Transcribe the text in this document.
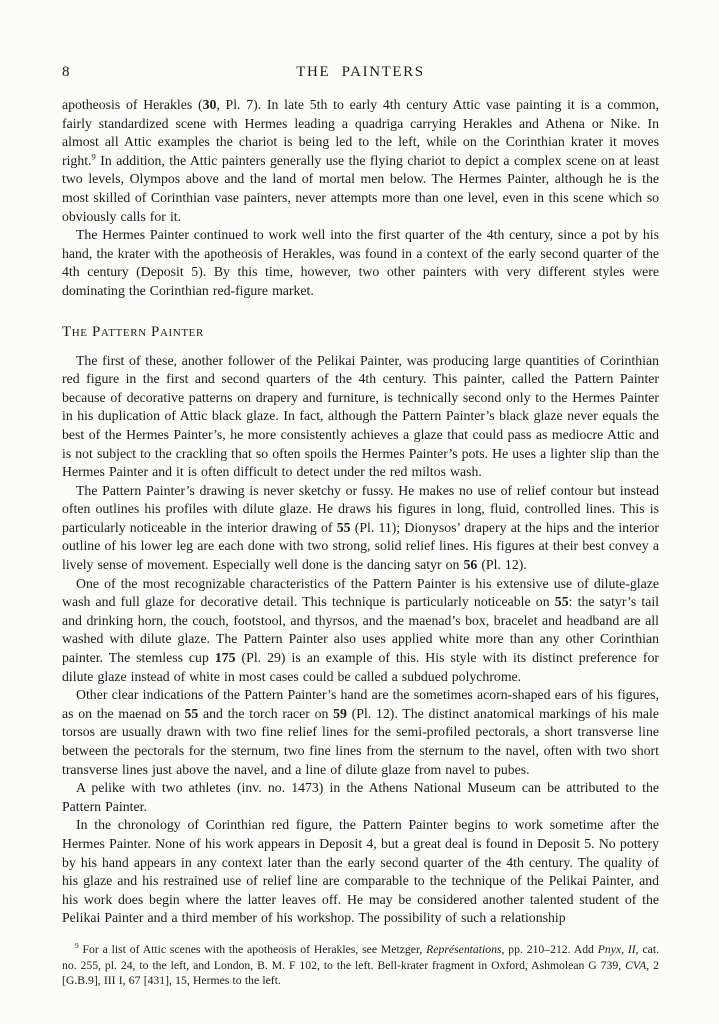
8	THE PAINTERS

apotheosis of Herakles (30, Pl. 7). In late 5th to early 4th century Attic vase painting it is a common, fairly standardized scene with Hermes leading a quadriga carrying Herakles and Athena or Nike. In almost all Attic examples the chariot is being led to the left, while on the Corinthian krater it moves right.$^9$ In addition, the Attic painters generally use the flying chariot to depict a complex scene on at least two levels, Olympos above and the land of mortal men below. The Hermes Painter, although he is the most skilled of Corinthian vase painters, never attempts more than one level, even in this scene which so obviously calls for it.

The Hermes Painter continued to work well into the first quarter of the 4th century, since a pot by his hand, the krater with the apotheosis of Herakles, was found in a context of the early second quarter of the 4th century (Deposit 5). By this time, however, two other painters with very different styles were dominating the Corinthian red-figure market.

The Pattern Painter

The first of these, another follower of the Pelikai Painter, was producing large quantities of Corinthian red figure in the first and second quarters of the 4th century. This painter, called the Pattern Painter because of decorative patterns on drapery and furniture, is technically second only to the Hermes Painter in his duplication of Attic black glaze. In fact, although the Pattern Painter’s black glaze never equals the best of the Hermes Painter’s, he more consistently achieves a glaze that could pass as mediocre Attic and is not subject to the crackling that so often spoils the Hermes Painter’s pots. He uses a lighter slip than the Hermes Painter and it is often difficult to detect under the red miltos wash.

The Pattern Painter’s drawing is never sketchy or fussy. He makes no use of relief contour but instead often outlines his profiles with dilute glaze. He draws his figures in long, fluid, controlled lines. This is particularly noticeable in the interior drawing of 55 (Pl. 11); Dionysos’ drapery at the hips and the interior outline of his lower leg are each done with two strong, solid relief lines. His figures at their best convey a lively sense of movement. Especially well done is the dancing satyr on 56 (Pl. 12).

One of the most recognizable characteristics of the Pattern Painter is his extensive use of dilute-glaze wash and full glaze for decorative detail. This technique is particularly noticeable on 55: the satyr’s tail and drinking horn, the couch, footstool, and thyrsos, and the maenad’s box, bracelet and headband are all washed with dilute glaze. The Pattern Painter also uses applied white more than any other Corinthian painter. The stemless cup 175 (Pl. 29) is an example of this. His style with its distinct preference for dilute glaze instead of white in most cases could be called a subdued polychrome.

Other clear indications of the Pattern Painter’s hand are the sometimes acorn-shaped ears of his figures, as on the maenad on 55 and the torch racer on 59 (Pl. 12). The distinct anatomical markings of his male torsos are usually drawn with two fine relief lines for the semi-profiled pectorals, a short transverse line between the pectorals for the sternum, two fine lines from the sternum to the navel, often with two short transverse lines just above the navel, and a line of dilute glaze from navel to pubes.

A pelike with two athletes (inv. no. 1473) in the Athens National Museum can be attributed to the Pattern Painter.

In the chronology of Corinthian red figure, the Pattern Painter begins to work sometime after the Hermes Painter. None of his work appears in Deposit 4, but a great deal is found in Deposit 5. No pottery by his hand appears in any context later than the early second quarter of the 4th century. The quality of his glaze and his restrained use of relief line are comparable to the technique of the Pelikai Painter, and his work does begin where the latter leaves off. He may be considered another talented student of the Pelikai Painter and a third member of his workshop. The possibility of such a relationship

$^9$ For a list of Attic scenes with the apotheosis of Herakles, see Metzger, Représentations, pp. 210–212. Add Pnyx, II, cat. no. 255, pl. 24, to the left, and London, B. M. F 102, to the left. Bell-krater fragment in Oxford, Ashmolean G 739, CVA, 2 [G.B.9], III I, 67 [431], 15, Hermes to the left.
